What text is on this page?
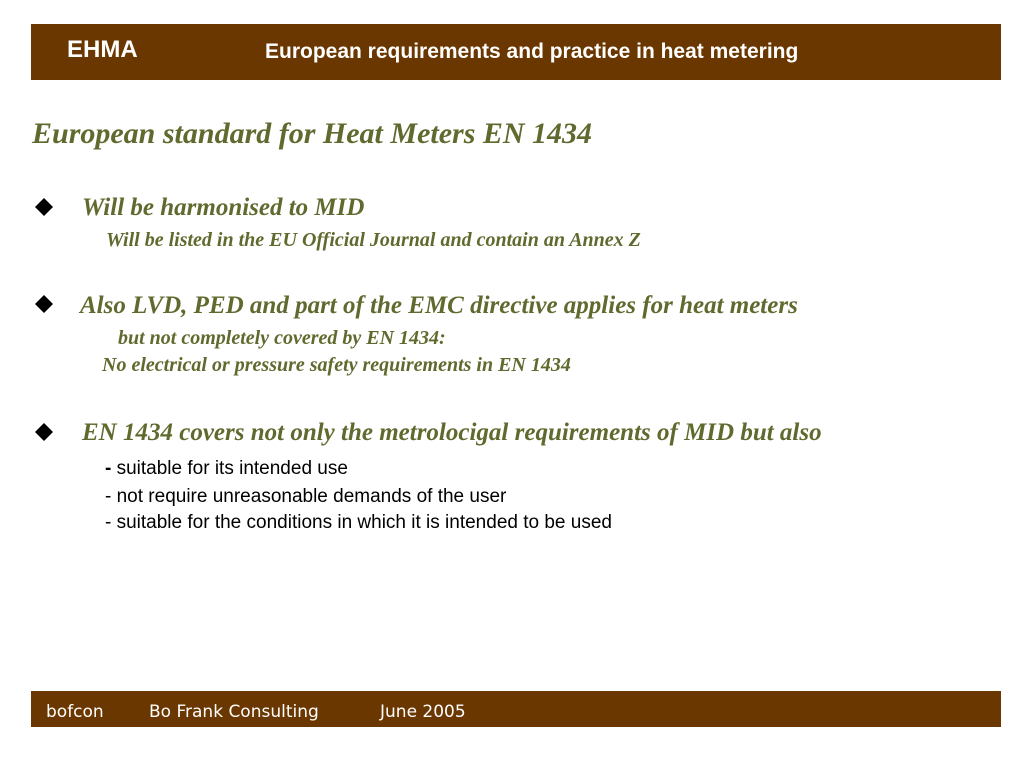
EHMA	European requirements and practice in heat metering
European standard for Heat Meters EN 1434
Will be harmonised to MID
Will be listed in the EU Official Journal and contain an Annex Z
Also LVD, PED and part of the EMC directive applies for heat meters
but not completely covered by EN 1434:
No electrical or pressure safety requirements in EN 1434
EN 1434 covers not only the metrolocigal requirements of MID but also
- suitable for its intended use
- not require unreasonable demands of the user
- suitable for the conditions in which it is intended to be used
bofcon	Bo Frank Consulting	June 2005
